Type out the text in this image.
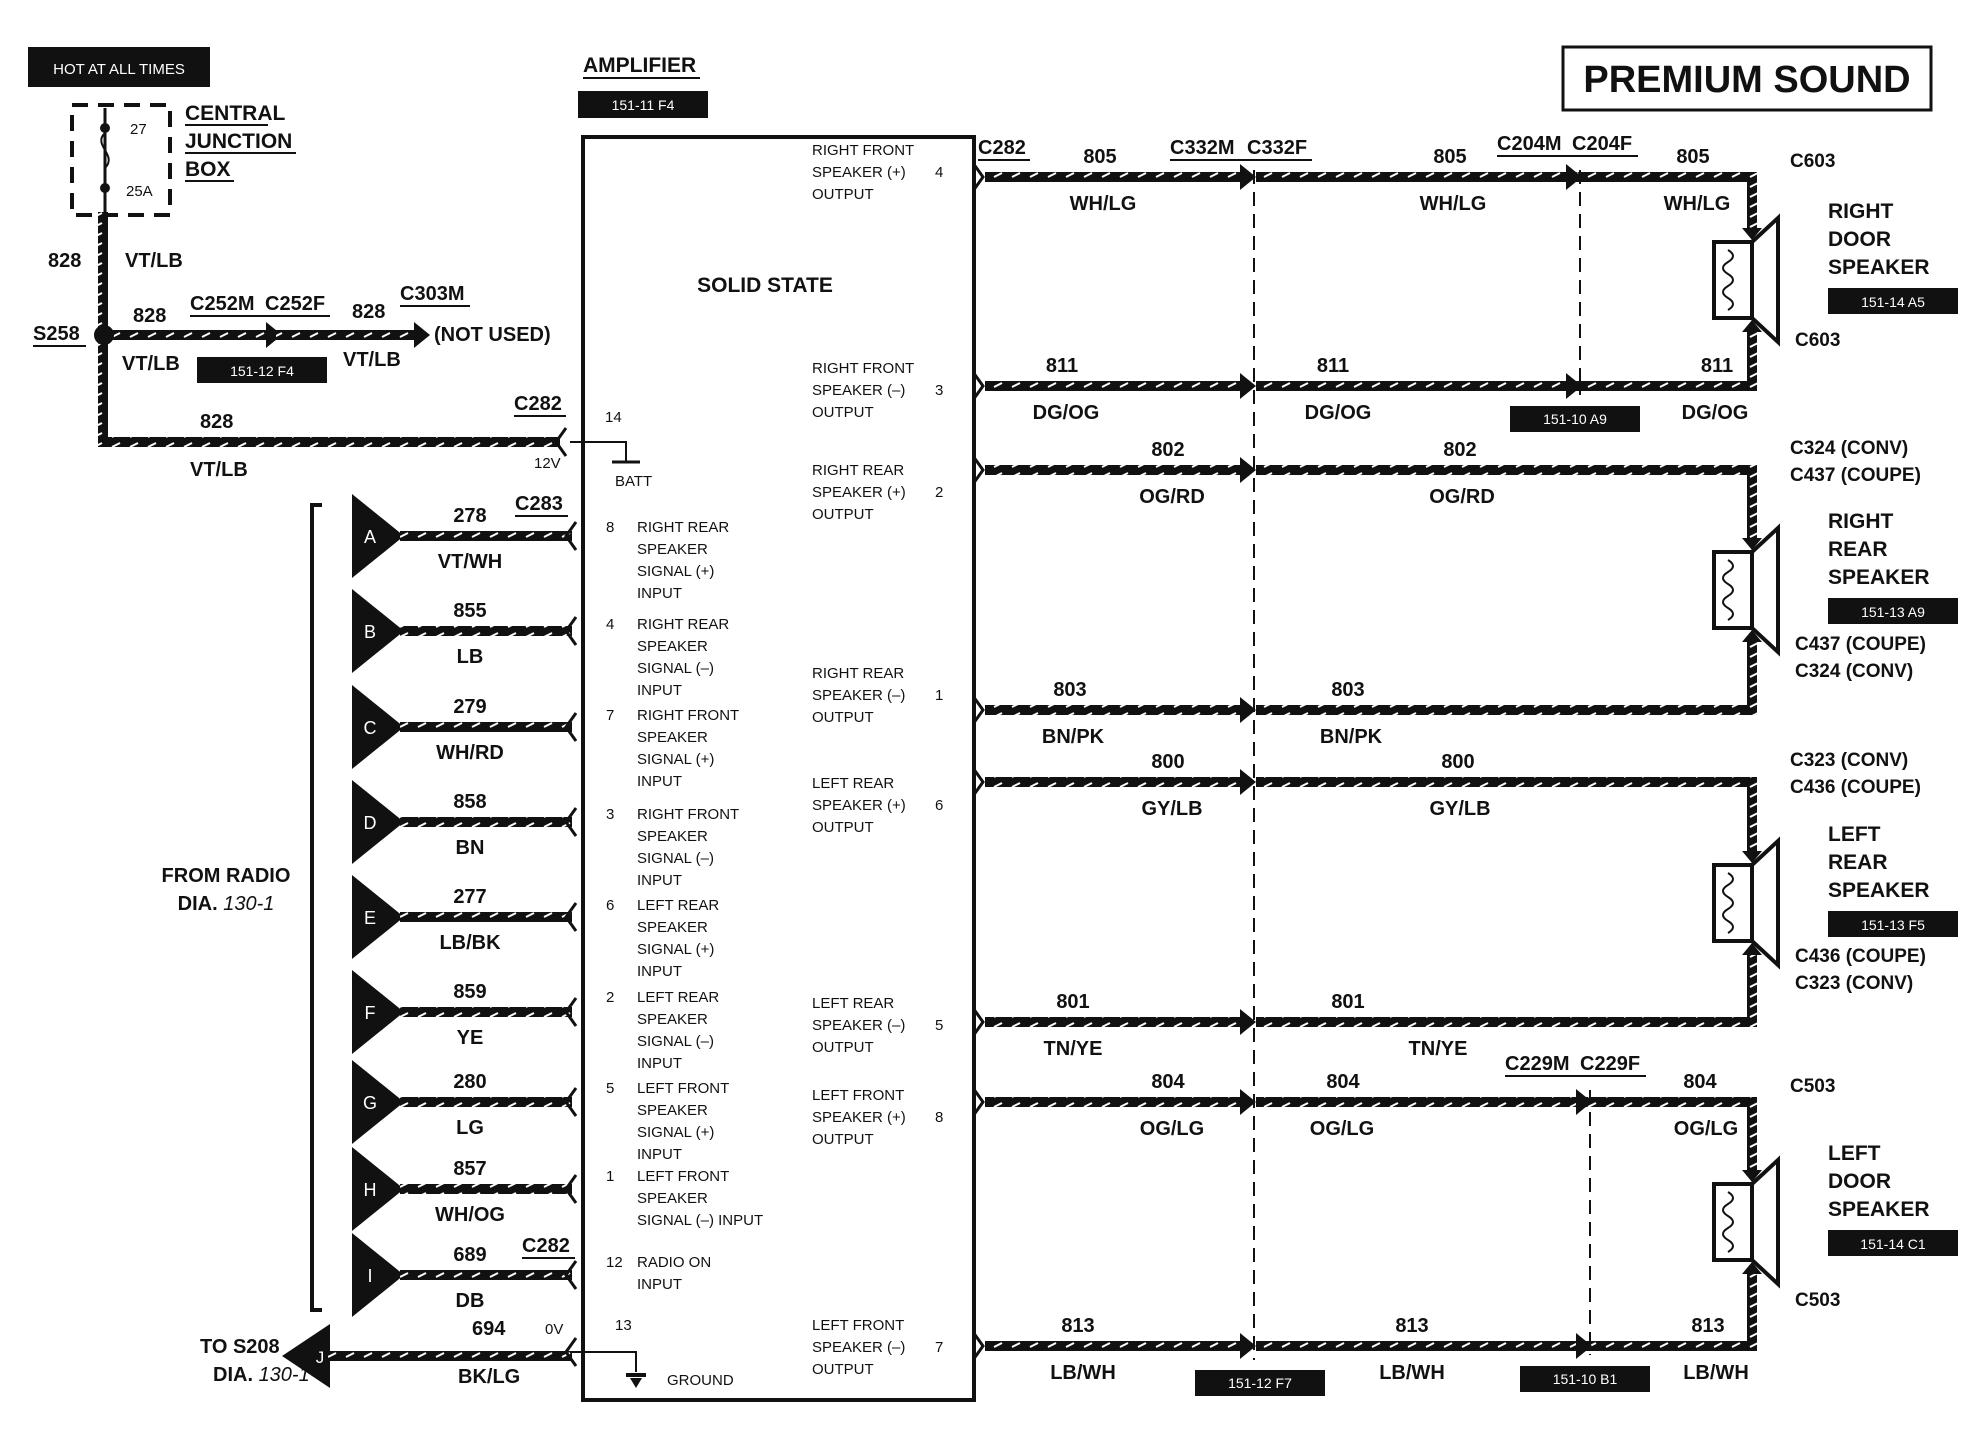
PREMIUM SOUND
HOT AT ALL TIMES
27
25A
CENTRAL
JUNCTION
BOX
828 VT/LB
S258
828
C252M C252F 828
C303M
(NOT USED)
VT/LB	151-12 F4 VT/LB
828
VT/LB
C282
12V
AMPLIFIER
151-11 F4
SOLID STATE
14
BATT
13
GROUND
A
278
VT/WH
8 RIGHT REAR
SPEAKER
SIGNAL (+)
INPUT
B
855
LB
4 RIGHT REAR
SPEAKER
SIGNAL (–)
INPUT
C
279
WH/RD
7 RIGHT FRONT
SPEAKER
SIGNAL (+)
INPUT
D
858
BN
3 RIGHT FRONT
SPEAKER
SIGNAL (–)
INPUT
E
277
LB/BK
6 LEFT REAR
SPEAKER
SIGNAL (+)
INPUT
F
859
YE
2 LEFT REAR
SPEAKER
SIGNAL (–)
INPUT
G
280
LG
5 LEFT FRONT
SPEAKER
SIGNAL (+)
INPUT
H
857
WH/OG
1 LEFT FRONT
SPEAKER
SIGNAL (–) INPUT
I
689
DB
12 RADIO ON
INPUT
C283
C282
FROM RADIO
DIA. 130-1
J
694	0V
BK/LG
TO S208
DIA. 130-1
RIGHT FRONT
SPEAKER (+)
OUTPUT
4
805
WH/LG
805
WH/LG
805
WH/LG
RIGHT FRONT
SPEAKER (–)
OUTPUT
3
811
DG/OG
811
DG/OG
811
DG/OG
RIGHT REAR
SPEAKER (+)
OUTPUT
2
802
OG/RD
802
OG/RD
RIGHT REAR
SPEAKER (–)
OUTPUT
1	803
BN/PK
803
BN/PK
LEFT REAR
SPEAKER (+)
OUTPUT
6
800
GY/LB
800
GY/LB
LEFT REAR
SPEAKER (–)
OUTPUT
5
801
TN/YE
801
TN/YE
LEFT FRONT
SPEAKER (+)
OUTPUT
8
804
OG/LG
804
OG/LG
804
OG/LG
LEFT FRONT
SPEAKER (–)
OUTPUT
7
813
LB/WH
813
LB/WH
813
LB/WH
RIGHT
DOOR
SPEAKER
151-14 A5
C603
C603
RIGHT
REAR
SPEAKER
151-13 A9
C324 (CONV)
C437 (COUPE)
C437 (COUPE)
C324 (CONV)
LEFT
REAR
SPEAKER
151-13 F5
C323 (CONV)
C436 (COUPE)
C436 (COUPE)
C323 (CONV)
LEFT
DOOR
SPEAKER
151-14 C1
C503
C503
C282	C332M C332F	C204M C204F
C229M C229F
151-10 A9
151-12 F7	151-10 B1
